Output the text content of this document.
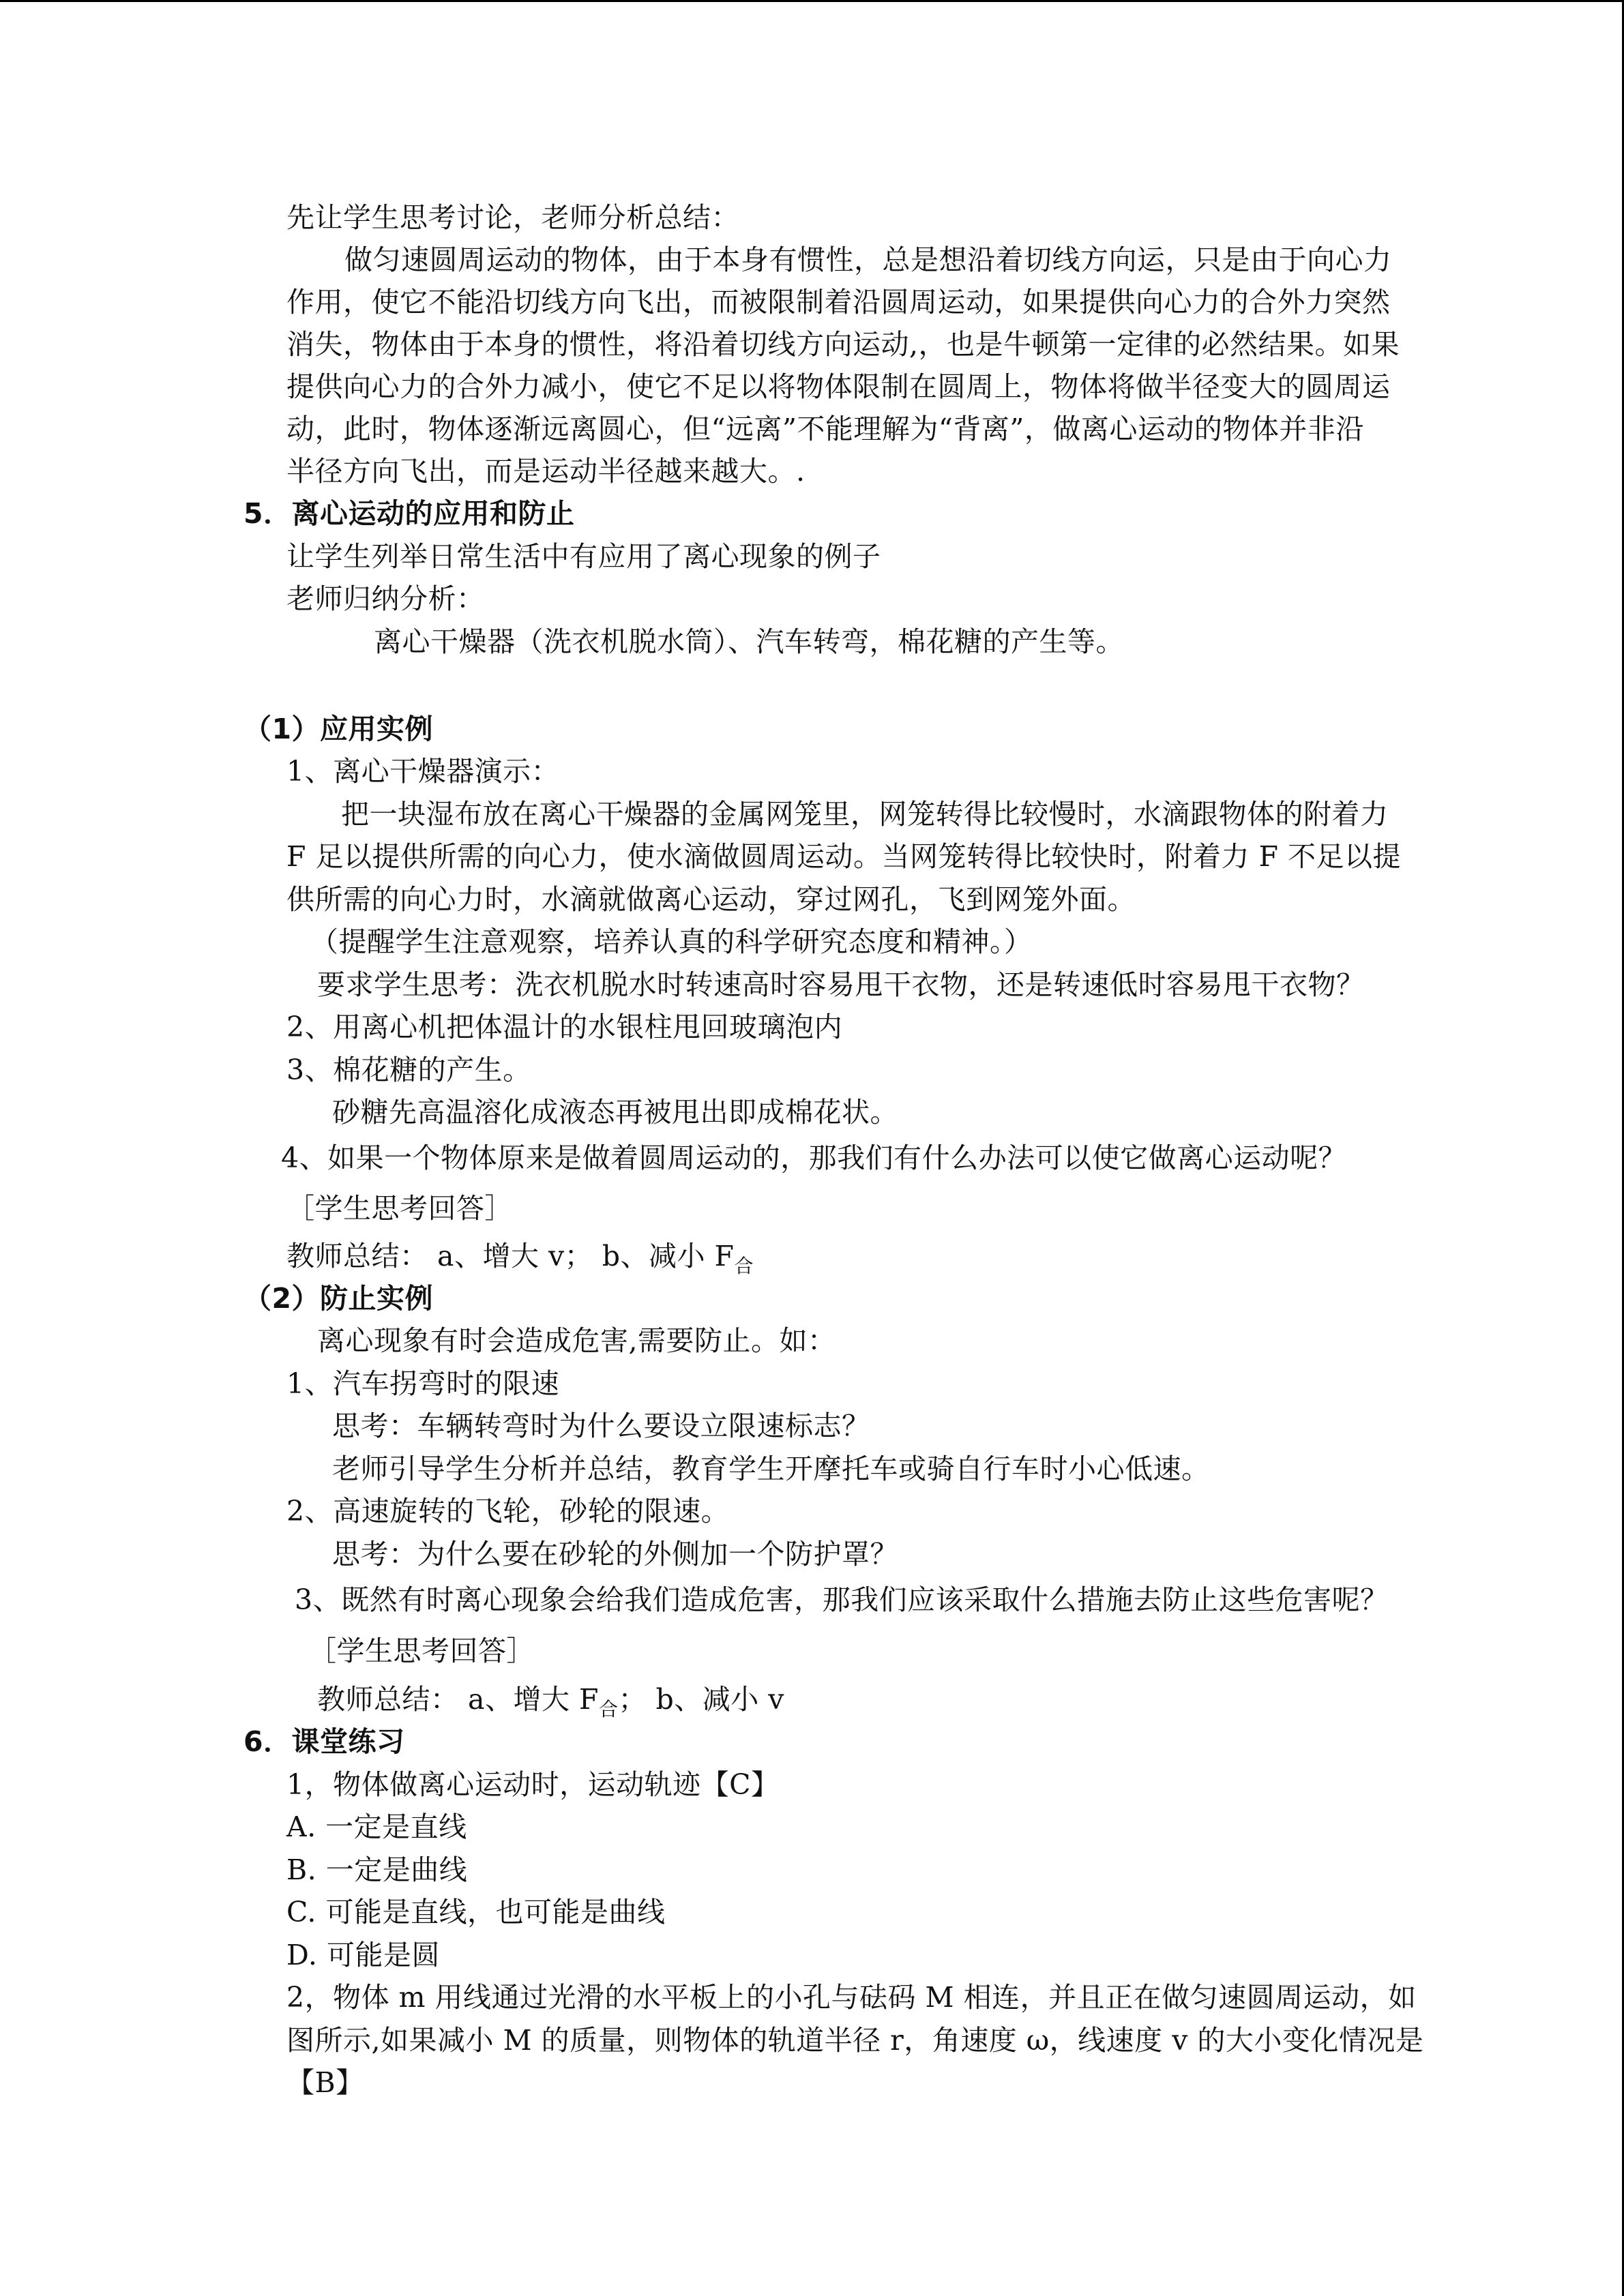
先让学生思考讨论，老师分析总结：
做匀速圆周运动的物体，由于本身有惯性，总是想沿着切线方向运，只是由于向心力
作用，使它不能沿切线方向飞出，而被限制着沿圆周运动，如果提供向心力的合外力突然
消失，物体由于本身的惯性，将沿着切线方向运动,，也是牛顿第一定律的必然结果。如果
提供向心力的合外力减小，使它不足以将物体限制在圆周上，物体将做半径变大的圆周运
动，此时，物体逐渐远离圆心，但“远离”不能理解为“背离”，做离心运动的物体并非沿
半径方向飞出，而是运动半径越来越大。.
5．离心运动的应用和防止
让学生列举日常生活中有应用了离心现象的例子
老师归纳分析：
离心干燥器（洗衣机脱水筒）、汽车转弯，棉花糖的产生等。
（1）应用实例
1、离心干燥器演示：
把一块湿布放在离心干燥器的金属网笼里，网笼转得比较慢时，水滴跟物体的附着力
F 足以提供所需的向心力，使水滴做圆周运动。当网笼转得比较快时，附着力 F 不足以提
供所需的向心力时，水滴就做离心运动，穿过网孔，飞到网笼外面。
（提醒学生注意观察，培养认真的科学研究态度和精神。）
要求学生思考：洗衣机脱水时转速高时容易甩干衣物，还是转速低时容易甩干衣物？
2、用离心机把体温计的水银柱甩回玻璃泡内
3、棉花糖的产生。
砂糖先高温溶化成液态再被甩出即成棉花状。
4、如果一个物体原来是做着圆周运动的，那我们有什么办法可以使它做离心运动呢？
［学生思考回答］
教师总结： a、增大 v； b、减小 $F_合$
（2）防止实例
离心现象有时会造成危害,需要防止。如：
1、汽车拐弯时的限速
思考：车辆转弯时为什么要设立限速标志？
老师引导学生分析并总结，教育学生开摩托车或骑自行车时小心低速。
2、高速旋转的飞轮，砂轮的限速。
思考：为什么要在砂轮的外侧加一个防护罩？
3、既然有时离心现象会给我们造成危害，那我们应该采取什么措施去防止这些危害呢？
［学生思考回答］
教师总结： a、增大 $F_合$； b、减小 v
6．课堂练习
1，物体做离心运动时，运动轨迹【C】
A. 一定是直线
B. 一定是曲线
C. 可能是直线，也可能是曲线
D. 可能是圆
2，物体 m 用线通过光滑的水平板上的小孔与砝码 M 相连，并且正在做匀速圆周运动，如
图所示,如果减小 M 的质量，则物体的轨道半径 r，角速度 ω，线速度 v 的大小变化情况是
【B】
